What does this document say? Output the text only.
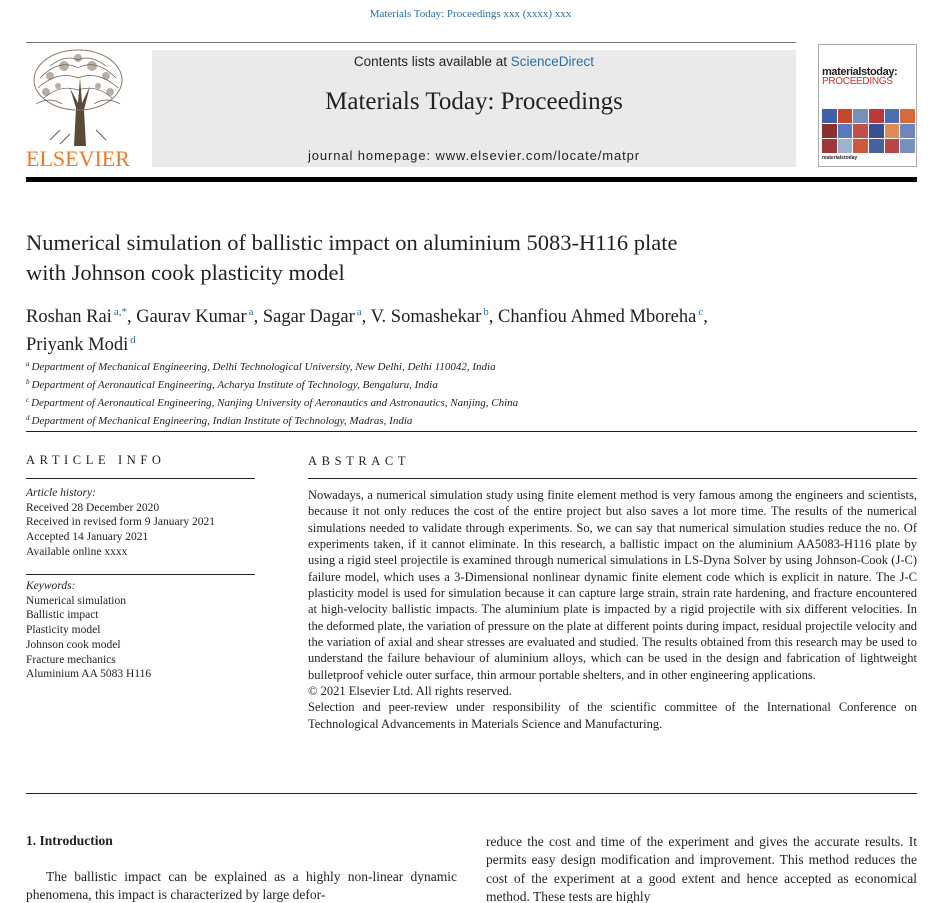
Materials Today: Proceedings xxx (xxxx) xxx
ELSEVIER
Contents lists available at ScienceDirect
Materials Today: Proceedings
journal homepage: www.elsevier.com/locate/matpr
materialstoday:
PROCEEDINGS
materialstoday
Numerical simulation of ballistic impact on aluminium 5083-H116 plate
with Johnson cook plasticity model
Roshan Rai $^{a,*}$, Gaurav Kumar $^a$, Sagar Dagar $^a$, V. Somashekar $^b$, Chanfiou Ahmed Mboreha $^c$,
Priyank Modi $^d$
$^a$ Department of Mechanical Engineering, Delhi Technological University, New Delhi, Delhi 110042, India
$^b$ Department of Aeronautical Engineering, Acharya Institute of Technology, Bengaluru, India
$^c$ Department of Aeronautical Engineering, Nanjing University of Aeronautics and Astronautics, Nanjing, China
$^d$ Department of Mechanical Engineering, Indian Institute of Technology, Madras, India
ARTICLE INFO
Article history:
Received 28 December 2020
Received in revised form 9 January 2021
Accepted 14 January 2021
Available online xxxx
Keywords:
Numerical simulation
Ballistic impact
Plasticity model
Johnson cook model
Fracture mechanics
Aluminium AA 5083 H116
ABSTRACT

Nowadays, a numerical simulation study using finite element method is very famous among the engineers and scientists, because it not only reduces the cost of the entire project but also saves a lot more time. The results of the numerical simulations needed to validate through experiments. So, we can say that numerical simulation studies reduce the no. Of experiments taken, if it cannot eliminate. In this research, a ballistic impact on the aluminium AA5083-H116 plate by using a rigid steel projectile is examined through numerical simulations in LS-Dyna Solver by using Johnson-Cook (J-C) failure model, which uses a 3-Dimensional nonlinear dynamic finite element code which is explicit in nature. The J-C plasticity model is used for simulation because it can capture large strain, strain rate hardening, and fracture encountered at high-velocity ballistic impacts. The aluminium plate is impacted by a rigid projectile with six different velocities. In the deformed plate, the variation of pressure on the plate at different points during impact, residual projectile velocity and the variation of axial and shear stresses are evaluated and studied. The results obtained from this research may be used to understand the failure behaviour of aluminium alloys, which can be used in the design and fabrication of lightweight bulletproof vehicle outer surface, thin armour portable shelters, and in other engineering applications.

© 2021 Elsevier Ltd. All rights reserved.

Selection and peer-review under responsibility of the scientific committee of the International Conference on Technological Advancements in Materials Science and Manufacturing.

1. Introduction
The ballistic impact can be explained as a highly non-linear dynamic phenomena, this impact is characterized by large defor-
reduce the cost and time of the experiment and gives the accurate results. It permits easy design modification and improvement. This method reduces the cost of the experiment at a good extent and hence accepted as economical method. These tests are highly
